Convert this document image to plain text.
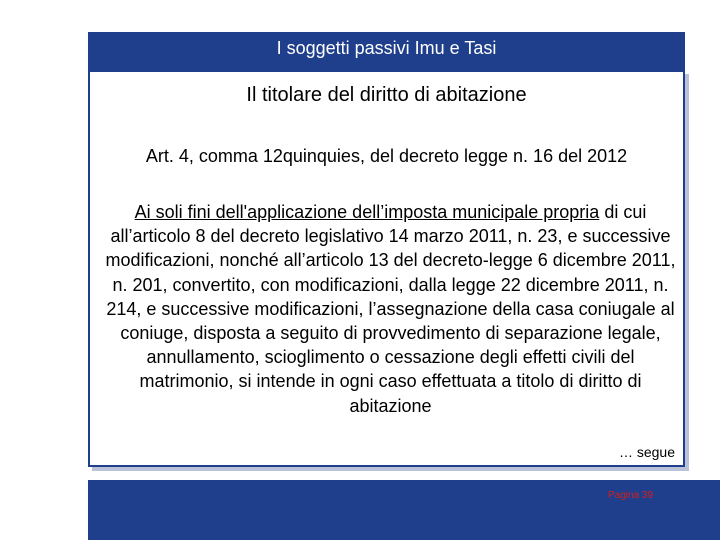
I soggetti passivi Imu e Tasi
Il titolare del diritto di abitazione
Art. 4, comma 12quinquies, del decreto legge n. 16 del 2012
Ai soli fini dell'applicazione dell’imposta municipale propria di cui all’articolo 8 del decreto legislativo 14 marzo 2011, n. 23, e successive modificazioni, nonché all’articolo 13 del decreto-legge 6 dicembre 2011, n. 201, convertito, con modificazioni, dalla legge 22 dicembre 2011, n. 214, e successive modificazioni, l’assegnazione della casa coniugale al coniuge, disposta a seguito di provvedimento di separazione legale, annullamento, scioglimento o cessazione degli effetti civili del matrimonio, si intende in ogni caso effettuata a titolo di diritto di abitazione
… segue
Pagina 39
